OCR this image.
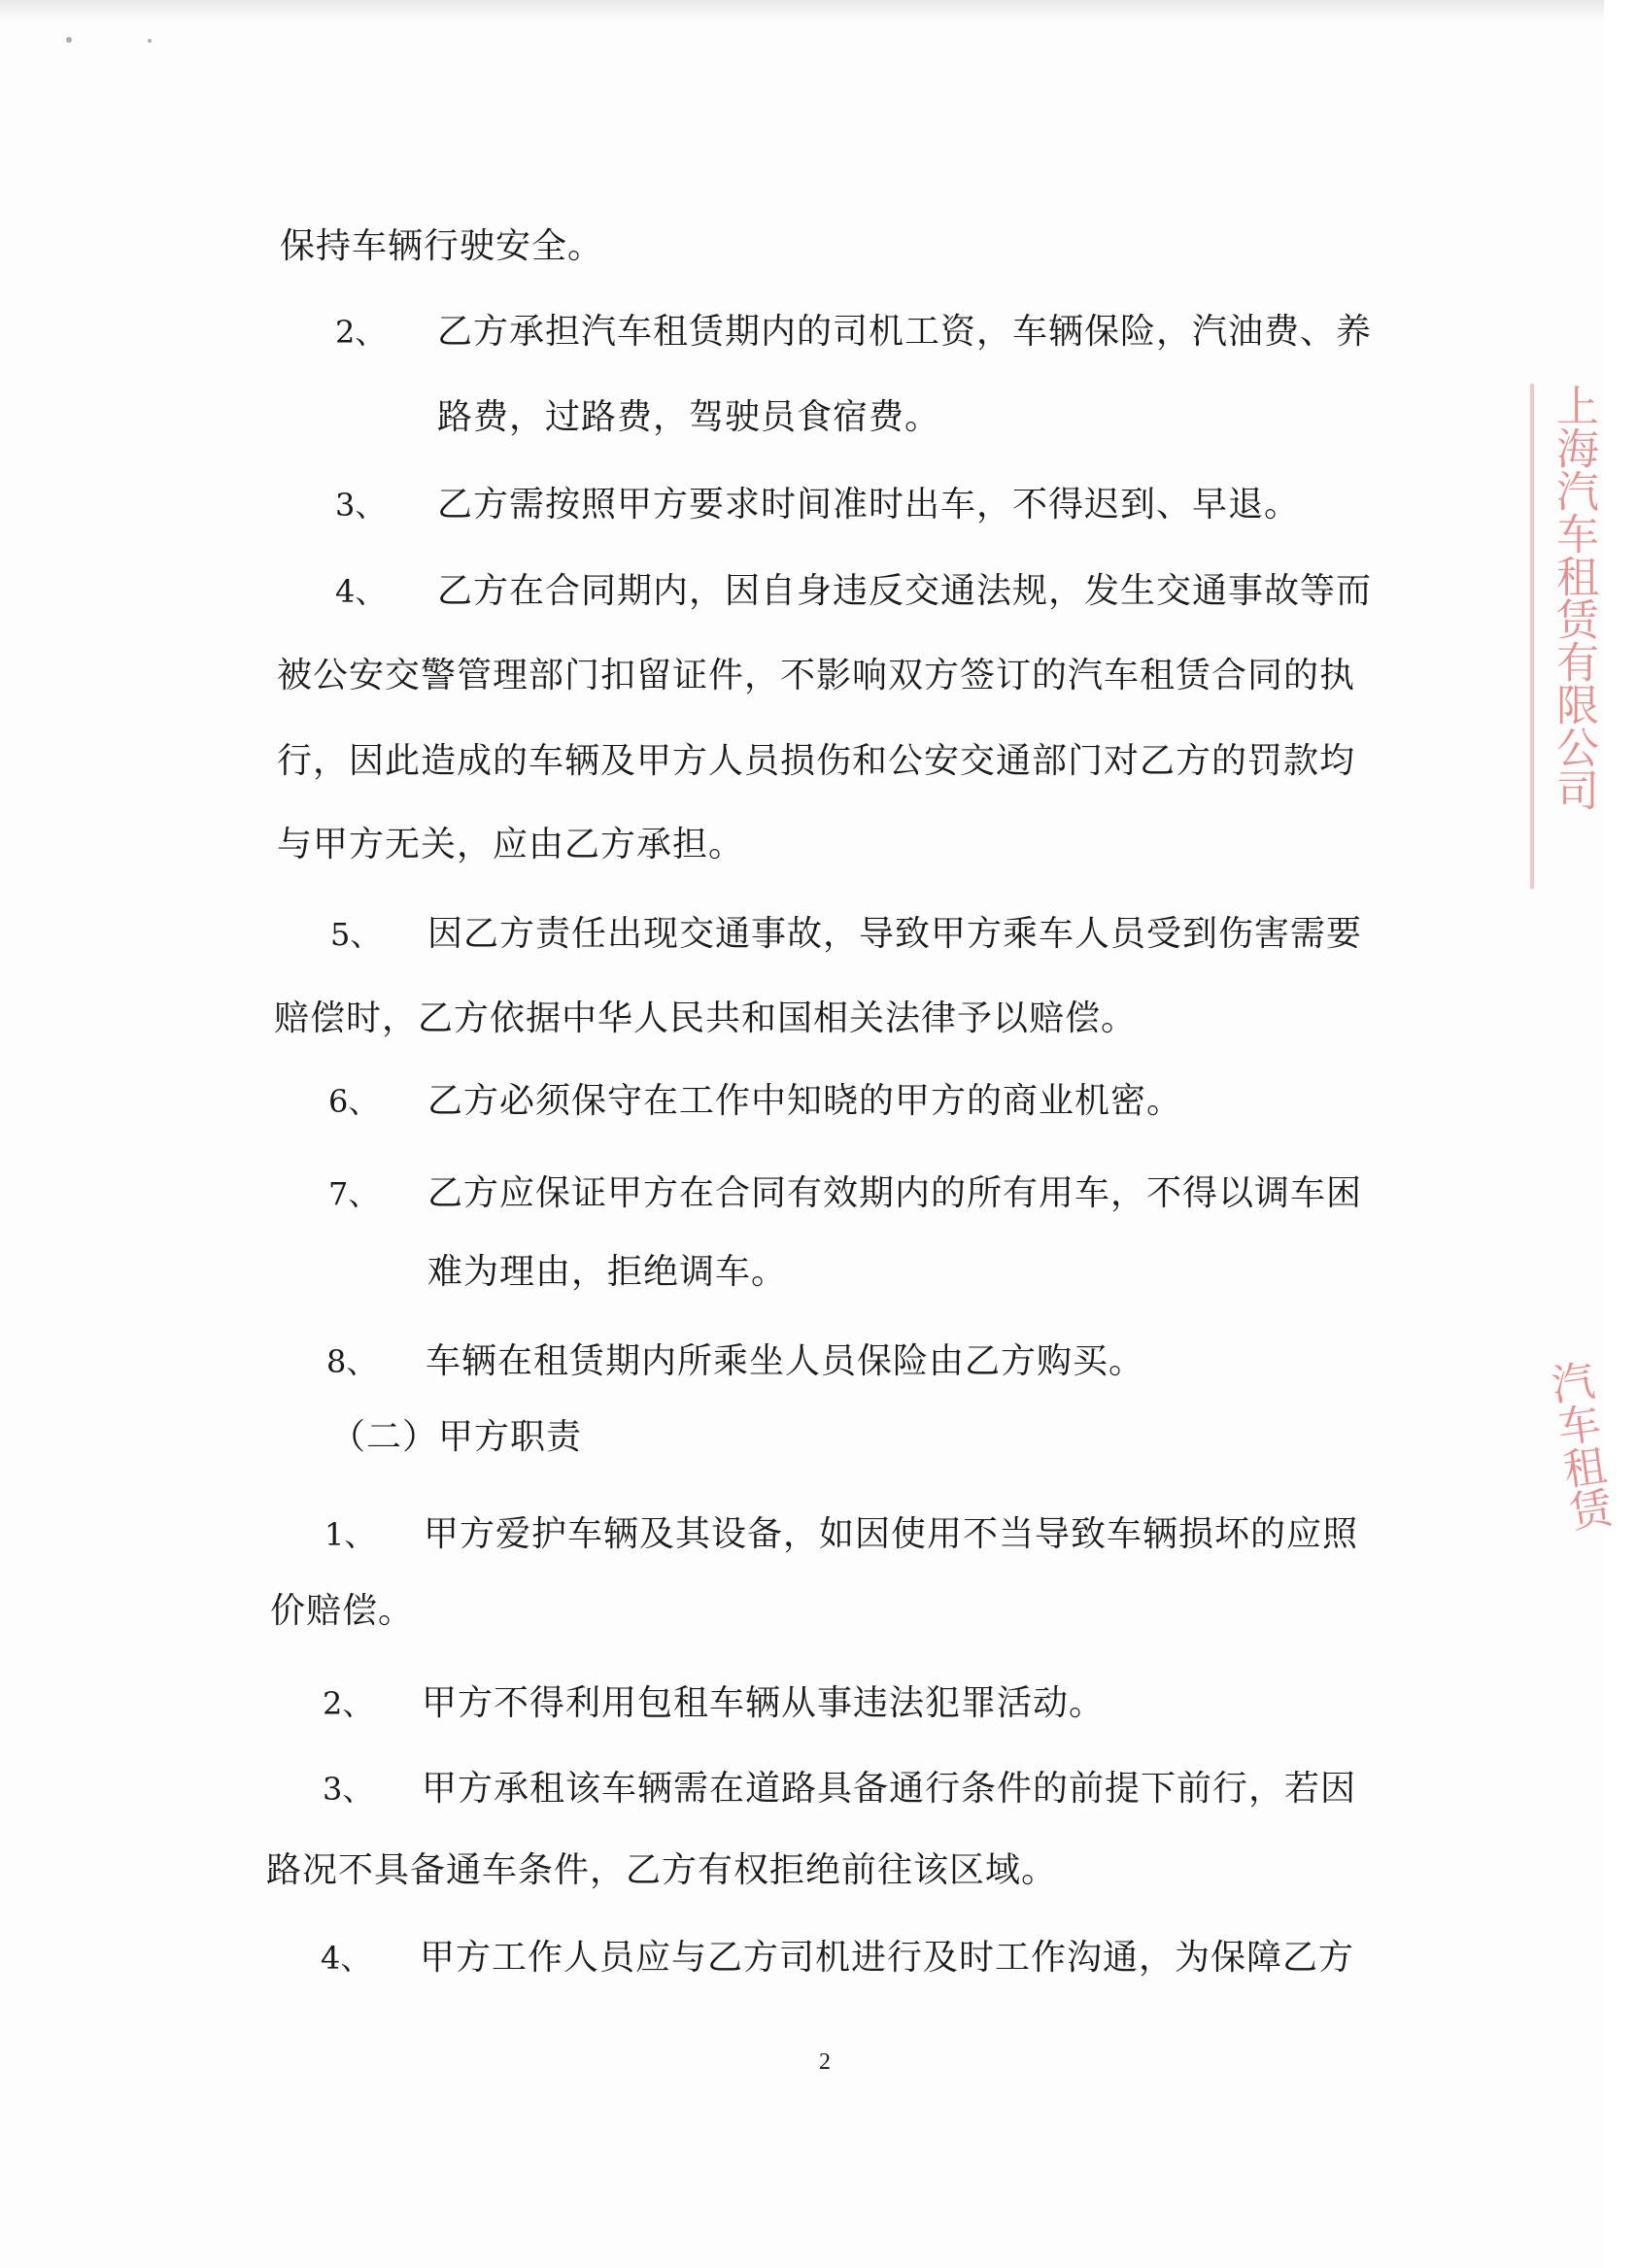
保持车辆行驶安全。
2、 乙方承担汽车租赁期内的司机工资，车辆保险，汽油费、养
路费，过路费，驾驶员食宿费。
3、 乙方需按照甲方要求时间准时出车，不得迟到、早退。
4、 乙方在合同期内，因自身违反交通法规，发生交通事故等而
被公安交警管理部门扣留证件，不影响双方签订的汽车租赁合同的执
行，因此造成的车辆及甲方人员损伤和公安交通部门对乙方的罚款均
与甲方无关，应由乙方承担。
5、 因乙方责任出现交通事故，导致甲方乘车人员受到伤害需要
赔偿时，乙方依据中华人民共和国相关法律予以赔偿。
6、 乙方必须保守在工作中知晓的甲方的商业机密。
7、 乙方应保证甲方在合同有效期内的所有用车，不得以调车困
难为理由，拒绝调车。
8、 车辆在租赁期内所乘坐人员保险由乙方购买。
（二）甲方职责
1、 甲方爱护车辆及其设备，如因使用不当导致车辆损坏的应照
价赔偿。
2、 甲方不得利用包租车辆从事违法犯罪活动。
3、 甲方承租该车辆需在道路具备通行条件的前提下前行，若因
路况不具备通车条件，乙方有权拒绝前往该区域。
4、 甲方工作人员应与乙方司机进行及时工作沟通，为保障乙方
2
上海汽车租赁有限公司
汽车租赁
